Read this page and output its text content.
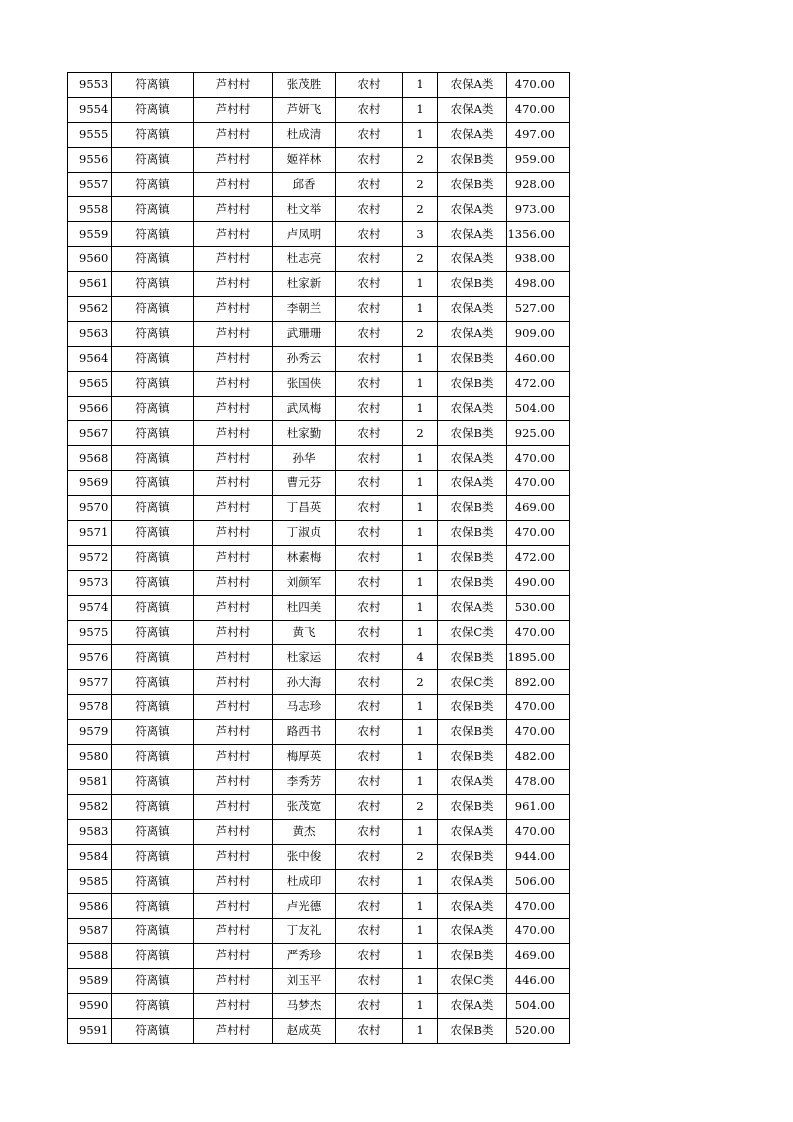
9553	符离镇	芦村村	张茂胜	农村	1	农保A类	470.00
9554	符离镇	芦村村	芦妍飞	农村	1	农保A类	470.00
9555	符离镇	芦村村	杜成清	农村	1	农保A类	497.00
9556	符离镇	芦村村	姬祥林	农村	2	农保B类	959.00
9557	符离镇	芦村村	邱香	农村	2	农保B类	928.00
9558	符离镇	芦村村	杜文举	农村	2	农保A类	973.00
9559	符离镇	芦村村	卢凤明	农村	3	农保A类	1356.00
9560	符离镇	芦村村	杜志亮	农村	2	农保A类	938.00
9561	符离镇	芦村村	杜家新	农村	1	农保B类	498.00
9562	符离镇	芦村村	李朝兰	农村	1	农保A类	527.00
9563	符离镇	芦村村	武珊珊	农村	2	农保A类	909.00
9564	符离镇	芦村村	孙秀云	农村	1	农保B类	460.00
9565	符离镇	芦村村	张国侠	农村	1	农保B类	472.00
9566	符离镇	芦村村	武凤梅	农村	1	农保A类	504.00
9567	符离镇	芦村村	杜家勤	农村	2	农保B类	925.00
9568	符离镇	芦村村	孙华	农村	1	农保A类	470.00
9569	符离镇	芦村村	曹元芬	农村	1	农保A类	470.00
9570	符离镇	芦村村	丁昌英	农村	1	农保B类	469.00
9571	符离镇	芦村村	丁淑贞	农村	1	农保B类	470.00
9572	符离镇	芦村村	林素梅	农村	1	农保B类	472.00
9573	符离镇	芦村村	刘颜军	农村	1	农保B类	490.00
9574	符离镇	芦村村	杜四美	农村	1	农保A类	530.00
9575	符离镇	芦村村	黄飞	农村	1	农保C类	470.00
9576	符离镇	芦村村	杜家运	农村	4	农保B类	1895.00
9577	符离镇	芦村村	孙大海	农村	2	农保C类	892.00
9578	符离镇	芦村村	马志珍	农村	1	农保B类	470.00
9579	符离镇	芦村村	路西书	农村	1	农保B类	470.00
9580	符离镇	芦村村	梅厚英	农村	1	农保B类	482.00
9581	符离镇	芦村村	李秀芳	农村	1	农保A类	478.00
9582	符离镇	芦村村	张茂宽	农村	2	农保B类	961.00
9583	符离镇	芦村村	黄杰	农村	1	农保A类	470.00
9584	符离镇	芦村村	张中俊	农村	2	农保B类	944.00
9585	符离镇	芦村村	杜成印	农村	1	农保A类	506.00
9586	符离镇	芦村村	卢光德	农村	1	农保A类	470.00
9587	符离镇	芦村村	丁友礼	农村	1	农保A类	470.00
9588	符离镇	芦村村	严秀珍	农村	1	农保B类	469.00
9589	符离镇	芦村村	刘玉平	农村	1	农保C类	446.00
9590	符离镇	芦村村	马梦杰	农村	1	农保A类	504.00
9591	符离镇	芦村村	赵成英	农村	1	农保B类	520.00
